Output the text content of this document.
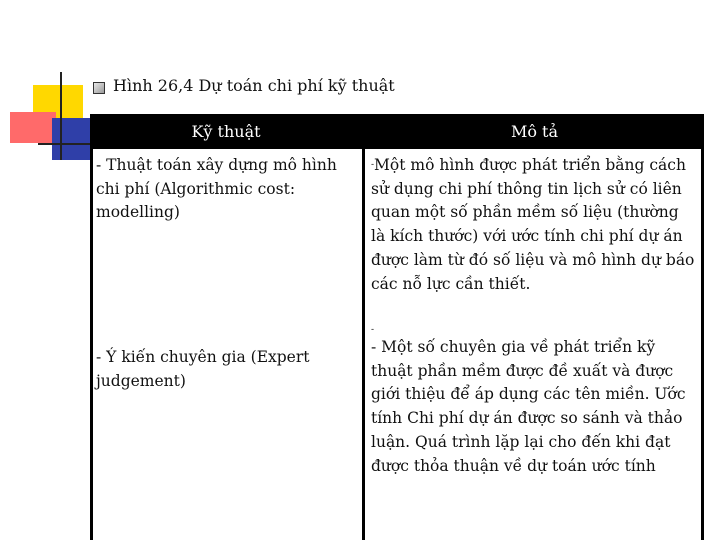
Hình 26,4 Dự toán chi phí kỹ thuật
Kỹ thuật	Mô tả
- Thuật toán xây dựng mô hình chi phí (Algorithmic cost: modelling)
-Một mô hình được phát triển bằng cách sử dụng chi phí thông tin lịch sử có liên quan một số phần mềm số liệu (thường là kích thước) với ước tính chi phí dự án được làm từ đó số liệu và mô hình dự báo các nỗ lực cần thiết.
- Ý kiến chuyên gia (Expert judgement)
-
- Một số chuyên gia về phát triển kỹ thuật phần mềm được đề xuất và được giới thiệu để áp dụng các tên miền. Ước tính Chi phí dự án được so sánh và thảo luận. Quá trình lặp lại cho đến khi đạt được thỏa thuận về dự toán ước tính
